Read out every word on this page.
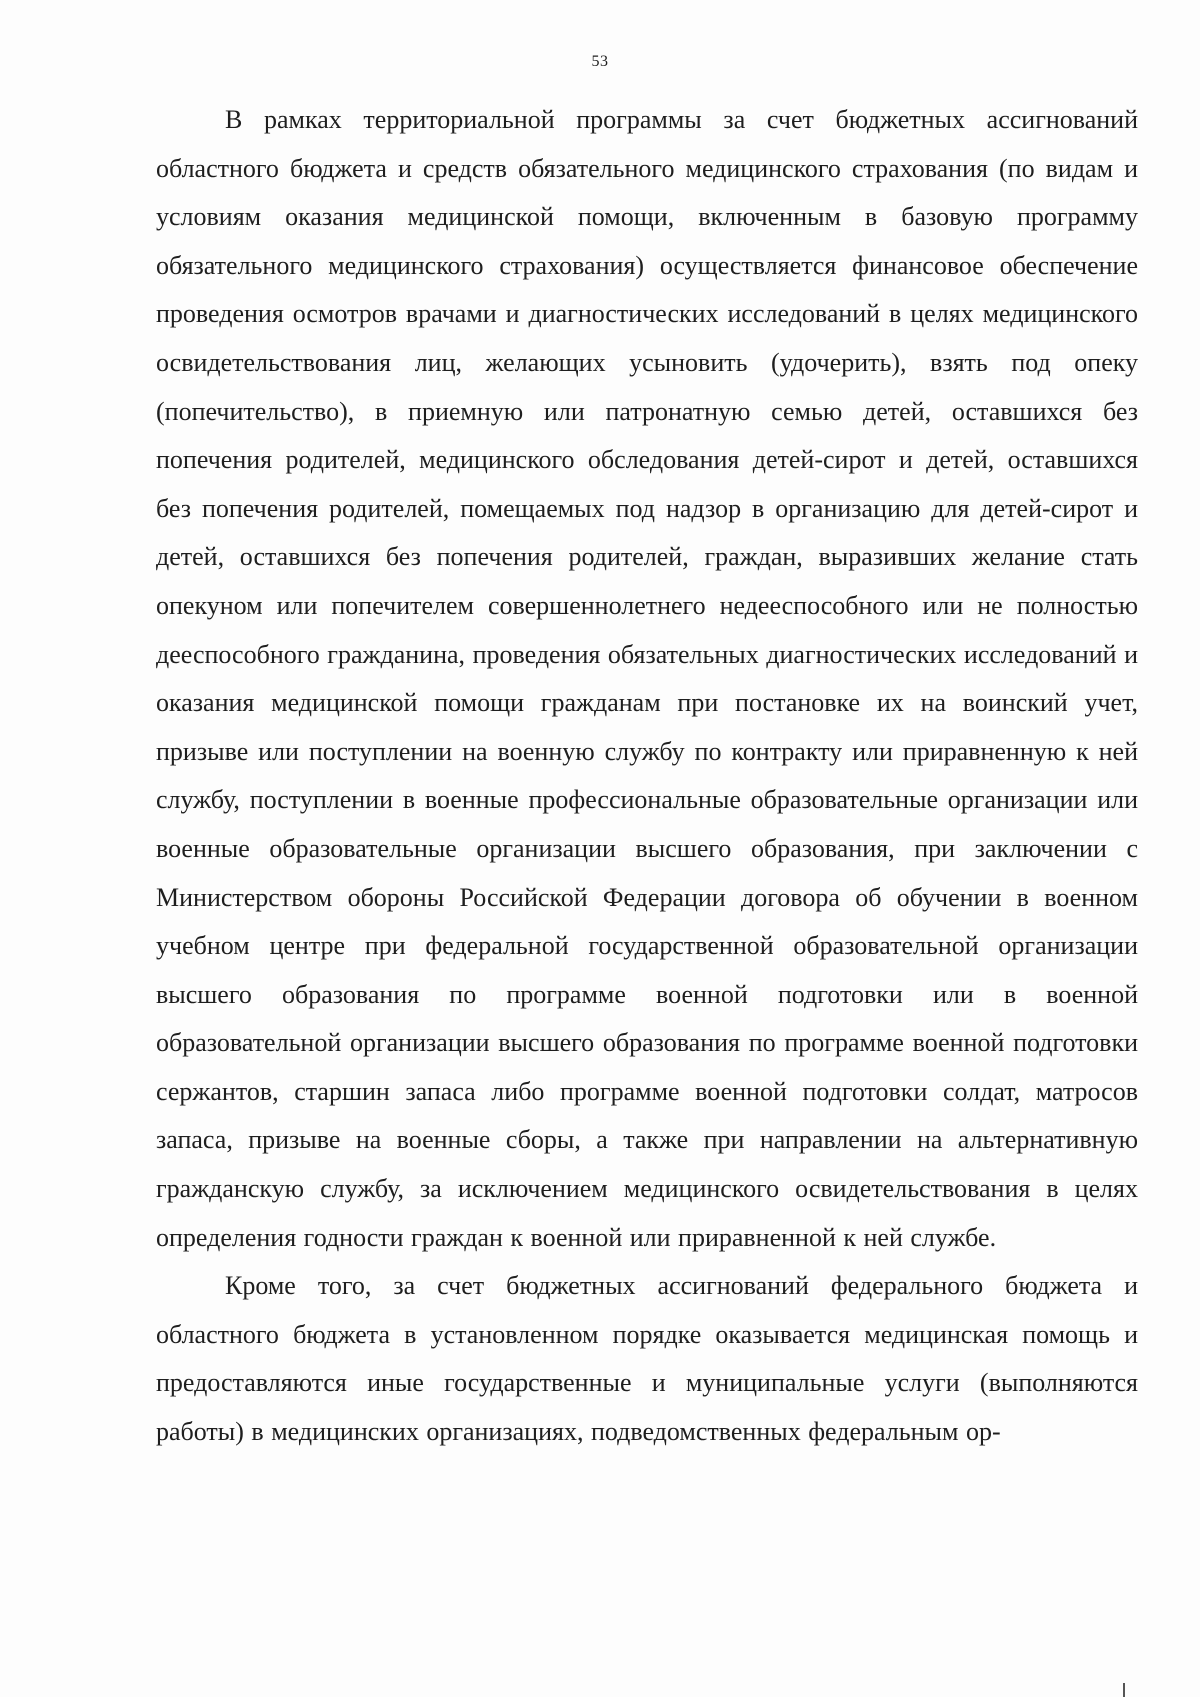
53

В рамках территориальной программы за счет бюджетных ассигнований областного бюджета и средств обязательного медицинского страхования (по видам и условиям оказания медицинской помощи, включенным в базовую программу обязательного медицинского страхования) осуществляется финансовое обеспечение проведения осмотров врачами и диагностических исследований в целях медицинского освидетельствования лиц, желающих усыновить (удочерить), взять под опеку (попечительство), в приемную или патронатную семью детей, оставшихся без попечения родителей, медицинского обследования детей-сирот и детей, оставшихся без попечения родителей, помещаемых под надзор в организацию для детей-сирот и детей, оставшихся без попечения родителей, граждан, выразивших желание стать опекуном или попечителем совершеннолетнего недееспособного или не полностью дееспособного гражданина, проведения обязательных диагностических исследований и оказания медицинской помощи гражданам при постановке их на воинский учет, призыве или поступлении на военную службу по контракту или приравненную к ней службу, поступлении в военные профессиональные образовательные организации или военные образовательные организации высшего образования, при заключении с Министерством обороны Российской Федерации договора об обучении в военном учебном центре при федеральной государственной образовательной организации высшего образования по программе военной подготовки или в военной образовательной организации высшего образования по программе военной подготовки сержантов, старшин запаса либо программе военной подготовки солдат, матросов запаса, призыве на военные сборы, а также при направлении на альтернативную гражданскую службу, за исключением медицинского освидетельствования в целях определения годности граждан к военной или приравненной к ней службе.

Кроме того, за счет бюджетных ассигнований федерального бюджета и областного бюджета в установленном порядке оказывается медицинская помощь и предоставляются иные государственные и муниципальные услуги (выполняются работы) в медицинских организациях, подведомственных федеральным ор-
